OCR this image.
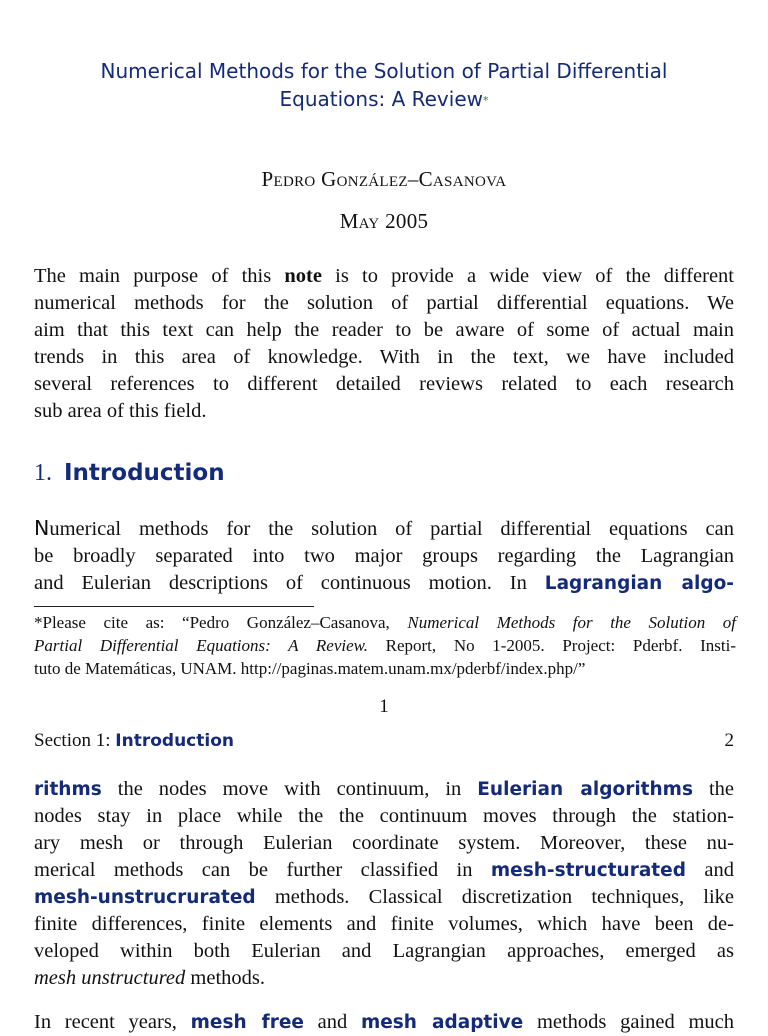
Numerical Methods for the Solution of Partial Differential
Equations: A Review*
Pedro González–Casanova
May 2005
The main purpose of this note is to provide a wide view of the different
numerical methods for the solution of partial differential equations. We
aim that this text can help the reader to be aware of some of actual main
trends in this area of knowledge. With in the text, we have included
several references to different detailed reviews related to each research
sub area of this field.
1. Introduction
Numerical methods for the solution of partial differential equations can
be broadly separated into two major groups regarding the Lagrangian
and Eulerian descriptions of continuous motion. In Lagrangian algo-
*Please cite as: “Pedro González–Casanova, Numerical Methods for the Solution of
Partial Differential Equations: A Review. Report, No 1-2005. Project: Pderbf. Insti-
tuto de Matemáticas, UNAM. http://paginas.matem.unam.mx/pderbf/index.php/”
1
Section 1: Introduction	2
rithms the nodes move with continuum, in Eulerian algorithms the
nodes stay in place while the the continuum moves through the station-
ary mesh or through Eulerian coordinate system. Moreover, these nu-
merical methods can be further classified in mesh-structurated and
mesh-unstrucrurated methods. Classical discretization techniques, like
finite differences, finite elements and finite volumes, which have been de-
veloped within both Eulerian and Lagrangian approaches, emerged as
mesh unstructured methods.
In recent years, mesh free and mesh adaptive methods gained much
